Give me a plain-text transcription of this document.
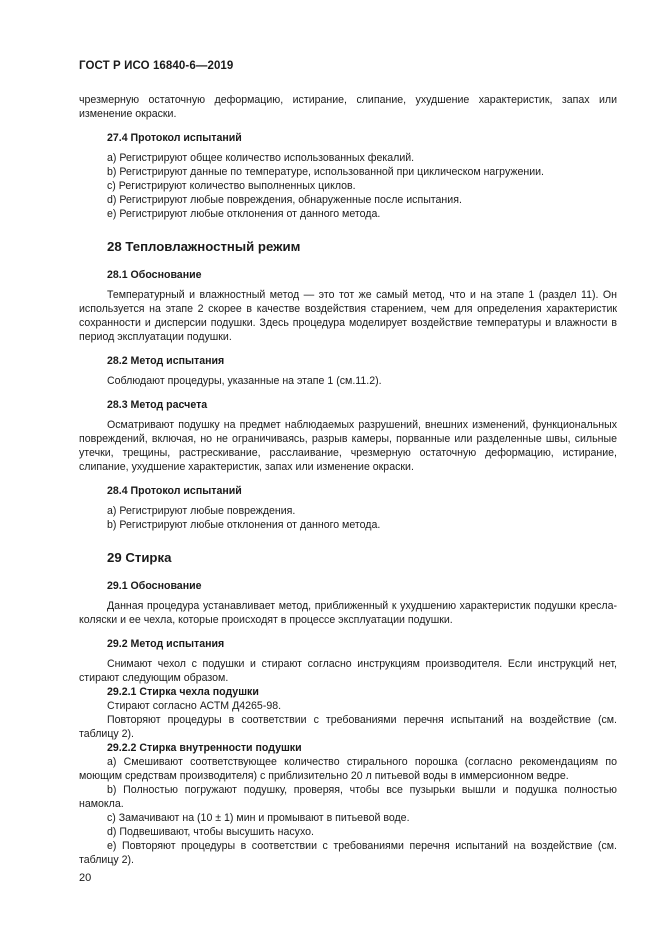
ГОСТ Р ИСО 16840-6—2019

чрезмерную остаточную деформацию, истирание, слипание, ухудшение характеристик, запах или изменение окраски.

27.4 Протокол испытаний

a) Регистрируют общее количество использованных фекалий.

b) Регистрируют данные по температуре, использованной при циклическом нагружении.

c) Регистрируют количество выполненных циклов.

d) Регистрируют любые повреждения, обнаруженные после испытания.

e) Регистрируют любые отклонения от данного метода.

28 Тепловлажностный режим
28.1 Обоснование

Температурный и влажностный метод — это тот же самый метод, что и на этапе 1 (раздел 11). Он используется на этапе 2 скорее в качестве воздействия старением, чем для определения характеристик сохранности и дисперсии подушки. Здесь процедура моделирует воздействие температуры и влажности в период эксплуатации подушки.

28.2 Метод испытания

Соблюдают процедуры, указанные на этапе 1 (см.11.2).

28.3 Метод расчета

Осматривают подушку на предмет наблюдаемых разрушений, внешних изменений, функциональных повреждений, включая, но не ограничиваясь, разрыв камеры, порванные или разделенные швы, сильные утечки, трещины, растрескивание, расслаивание, чрезмерную остаточную деформацию, истирание, слипание, ухудшение характеристик, запах или изменение окраски.

28.4 Протокол испытаний

a) Регистрируют любые повреждения.

b) Регистрируют любые отклонения от данного метода.

29 Стирка
29.1 Обоснование

Данная процедура устанавливает метод, приближенный к ухудшению характеристик подушки кресла-коляски и ее чехла, которые происходят в процессе эксплуатации подушки.

29.2 Метод испытания

Снимают чехол с подушки и стирают согласно инструкциям производителя. Если инструкций нет, стирают следующим образом.

29.2.1 Стирка чехла подушки

Стирают согласно АСТМ Д4265-98.

Повторяют процедуры в соответствии с требованиями перечня испытаний на воздействие (см. таблицу 2).

29.2.2 Стирка внутренности подушки

a) Смешивают соответствующее количество стирального порошка (согласно рекомендациям по моющим средствам производителя) с приблизительно 20 л питьевой воды в иммерсионном ведре.

b) Полностью погружают подушку, проверяя, чтобы все пузырьки вышли и подушка полностью намокла.

c) Замачивают на (10 ± 1) мин и промывают в питьевой воде.

d) Подвешивают, чтобы высушить насухо.

e) Повторяют процедуры в соответствии с требованиями перечня испытаний на воздействие (см. таблицу 2).

20
